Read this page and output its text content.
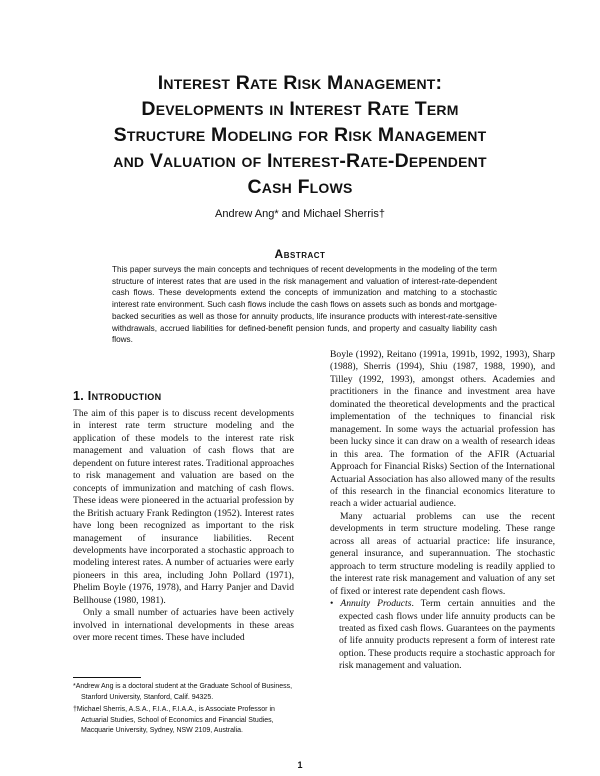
Interest Rate Risk Management:
Developments in Interest Rate Term
Structure Modeling for Risk Management
and Valuation of Interest-Rate-Dependent
Cash Flows
Andrew Ang* and Michael Sherris†
Abstract
This paper surveys the main concepts and techniques of recent developments in the modeling of the term structure of interest rates that are used in the risk management and valuation of interest-rate-dependent cash flows. These developments extend the concepts of immunization and matching to a stochastic interest rate environment. Such cash flows include the cash flows on assets such as bonds and mortgage-backed securities as well as those for annuity products, life insurance products with interest-rate-sensitive withdrawals, accrued liabilities for defined-benefit pension funds, and property and casualty liability cash flows.
1. Introduction

The aim of this paper is to discuss recent developments in interest rate term structure modeling and the application of these models to the interest rate risk management and valuation of cash flows that are dependent on future interest rates. Traditional approaches to risk management and valuation are based on the concepts of immunization and matching of cash flows. These ideas were pioneered in the actuarial profession by the British actuary Frank Redington (1952). Interest rates have long been recognized as important to the risk management of insurance liabilities. Recent developments have incorporated a stochastic approach to modeling interest rates. A number of actuaries were early pioneers in this area, including John Pollard (1971), Phelim Boyle (1976, 1978), and Harry Panjer and David Bellhouse (1980, 1981).

Only a small number of actuaries have been actively involved in international developments in these areas over more recent times. These have included

Boyle (1992), Reitano (1991a, 1991b, 1992, 1993), Sharp (1988), Sherris (1994), Shiu (1987, 1988, 1990), and Tilley (1992, 1993), amongst others. Academies and practitioners in the finance and investment area have dominated the theoretical developments and the practical implementation of the techniques to financial risk management. In some ways the actuarial profession has been lucky since it can draw on a wealth of research ideas in this area. The formation of the AFIR (Actuarial Approach for Financial Risks) Section of the International Actuarial Association has also allowed many of the results of this research in the financial economics literature to reach a wider actuarial audience.

Many actuarial problems can use the recent developments in term structure modeling. These range across all areas of actuarial practice: life insurance, general insurance, and superannuation. The stochastic approach to term structure modeling is readily applied to the interest rate risk management and valuation of any set of fixed or interest rate dependent cash flows.

• Annuity Products. Term certain annuities and the expected cash flows under life annuity products can be treated as fixed cash flows. Guarantees on the payments of life annuity products represent a form of interest rate option. These products require a stochastic approach for risk management and valuation.

*Andrew Ang is a doctoral student at the Graduate School of Business, Stanford University, Stanford, Calif. 94325.

†Michael Sherris, A.S.A., F.I.A., F.I.A.A., is Associate Professor in Actuarial Studies, School of Economics and Financial Studies, Macquarie University, Sydney, NSW 2109, Australia.

1
